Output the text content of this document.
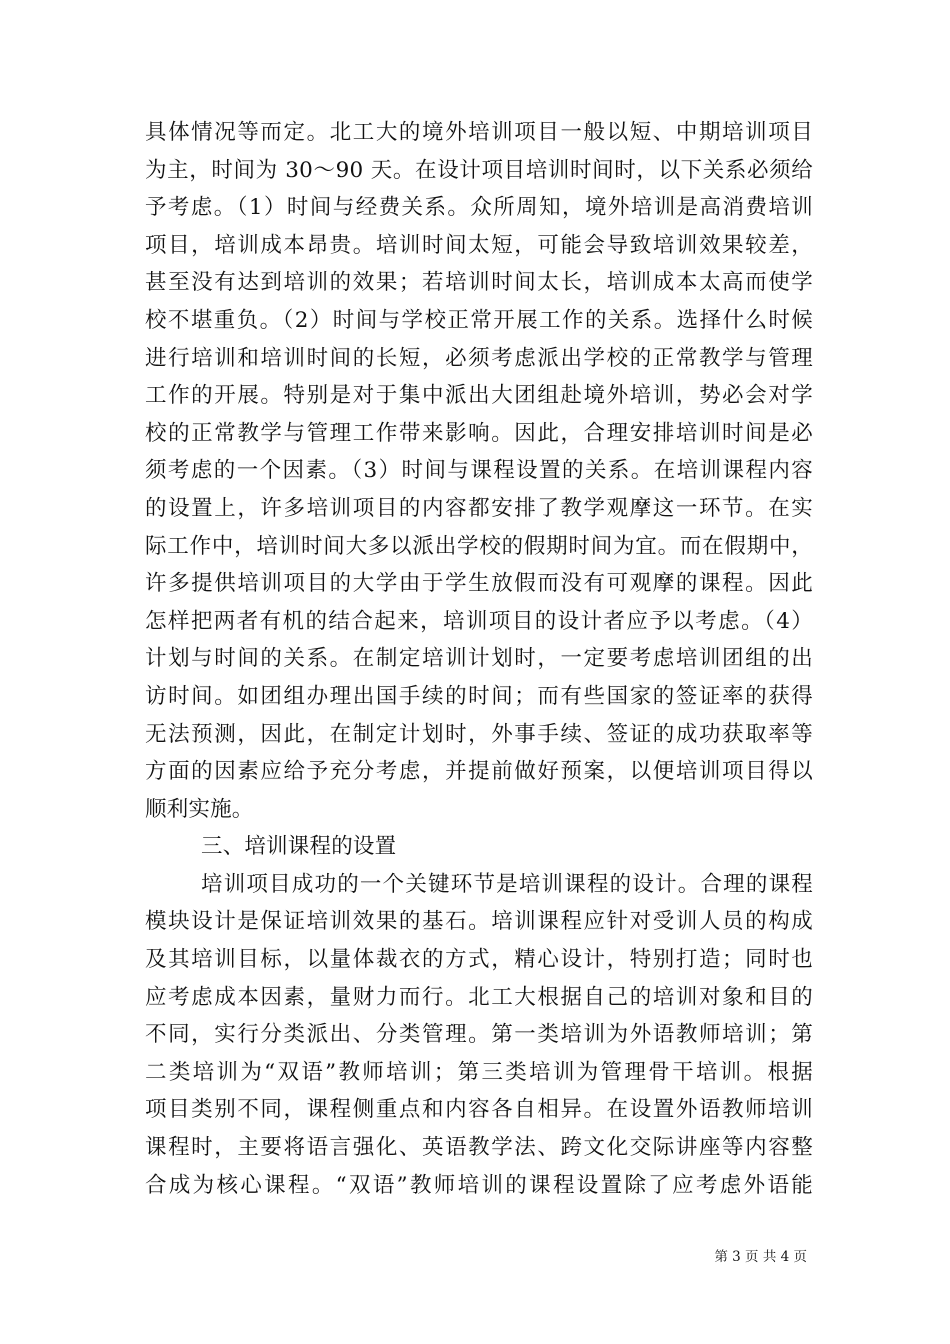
具体情况等而定。北工大的境外培训项目一般以短、中期培训项目
为主，时间为 30～90 天。在设计项目培训时间时，以下关系必须给
予考虑。（1）时间与经费关系。众所周知，境外培训是高消费培训
项目，培训成本昂贵。培训时间太短，可能会导致培训效果较差，
甚至没有达到培训的效果；若培训时间太长，培训成本太高而使学
校不堪重负。（2）时间与学校正常开展工作的关系。选择什么时候
进行培训和培训时间的长短，必须考虑派出学校的正常教学与管理
工作的开展。特别是对于集中派出大团组赴境外培训，势必会对学
校的正常教学与管理工作带来影响。因此，合理安排培训时间是必
须考虑的一个因素。（3）时间与课程设置的关系。在培训课程内容
的设置上，许多培训项目的内容都安排了教学观摩这一环节。在实
际工作中，培训时间大多以派出学校的假期时间为宜。而在假期中，
许多提供培训项目的大学由于学生放假而没有可观摩的课程。因此
怎样把两者有机的结合起来，培训项目的设计者应予以考虑。（4）
计划与时间的关系。在制定培训计划时，一定要考虑培训团组的出
访时间。如团组办理出国手续的时间；而有些国家的签证率的获得
无法预测，因此，在制定计划时，外事手续、签证的成功获取率等
方面的因素应给予充分考虑，并提前做好预案，以便培训项目得以
顺利实施。
三、培训课程的设置
培训项目成功的一个关键环节是培训课程的设计。合理的课程
模块设计是保证培训效果的基石。培训课程应针对受训人员的构成
及其培训目标，以量体裁衣的方式，精心设计，特别打造；同时也
应考虑成本因素，量财力而行。北工大根据自己的培训对象和目的
不同，实行分类派出、分类管理。第一类培训为外语教师培训；第
二类培训为“双语”教师培训；第三类培训为管理骨干培训。根据
项目类别不同，课程侧重点和内容各自相异。在设置外语教师培训
课程时，主要将语言强化、英语教学法、跨文化交际讲座等内容整
合成为核心课程。“双语”教师培训的课程设置除了应考虑外语能
第 3 页 共 4 页
